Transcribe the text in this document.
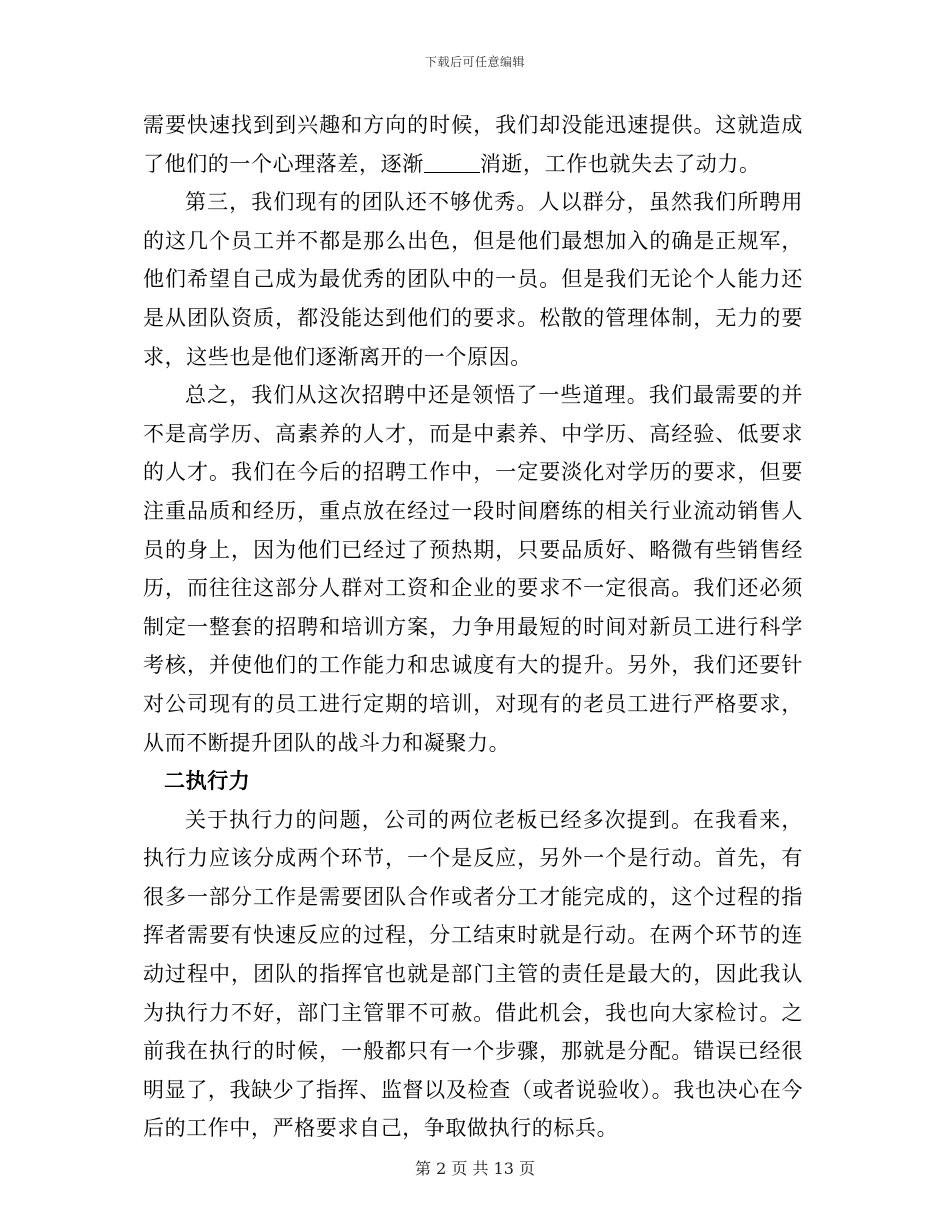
下载后可任意编辑

需要快速找到到兴趣和方向的时候，我们却没能迅速提供。这就造成了他们的一个心理落差，逐渐	消逝，工作也就失去了动力。

第三，我们现有的团队还不够优秀。人以群分，虽然我们所聘用的这几个员工并不都是那么出色，但是他们最想加入的确是正规军，他们希望自己成为最优秀的团队中的一员。但是我们无论个人能力还是从团队资质，都没能达到他们的要求。松散的管理体制，无力的要求，这些也是他们逐渐离开的一个原因。

总之，我们从这次招聘中还是领悟了一些道理。我们最需要的并不是高学历、高素养的人才，而是中素养、中学历、高经验、低要求的人才。我们在今后的招聘工作中，一定要淡化对学历的要求，但要注重品质和经历，重点放在经过一段时间磨练的相关行业流动销售人员的身上，因为他们已经过了预热期，只要品质好、略微有些销售经历，而往往这部分人群对工资和企业的要求不一定很高。我们还必须制定一整套的招聘和培训方案，力争用最短的时间对新员工进行科学考核，并使他们的工作能力和忠诚度有大的提升。另外，我们还要针对公司现有的员工进行定期的培训，对现有的老员工进行严格要求，从而不断提升团队的战斗力和凝聚力。

二执行力

关于执行力的问题，公司的两位老板已经多次提到。在我看来，执行力应该分成两个环节，一个是反应，另外一个是行动。首先，有很多一部分工作是需要团队合作或者分工才能完成的，这个过程的指挥者需要有快速反应的过程，分工结束时就是行动。在两个环节的连动过程中，团队的指挥官也就是部门主管的责任是最大的，因此我认为执行力不好，部门主管罪不可赦。借此机会，我也向大家检讨。之前我在执行的时候，一般都只有一个步骤，那就是分配。错误已经很明显了，我缺少了指挥、监督以及检查（或者说验收）。我也决心在今后的工作中，严格要求自己，争取做执行的标兵。

第 2 页 共 13 页
